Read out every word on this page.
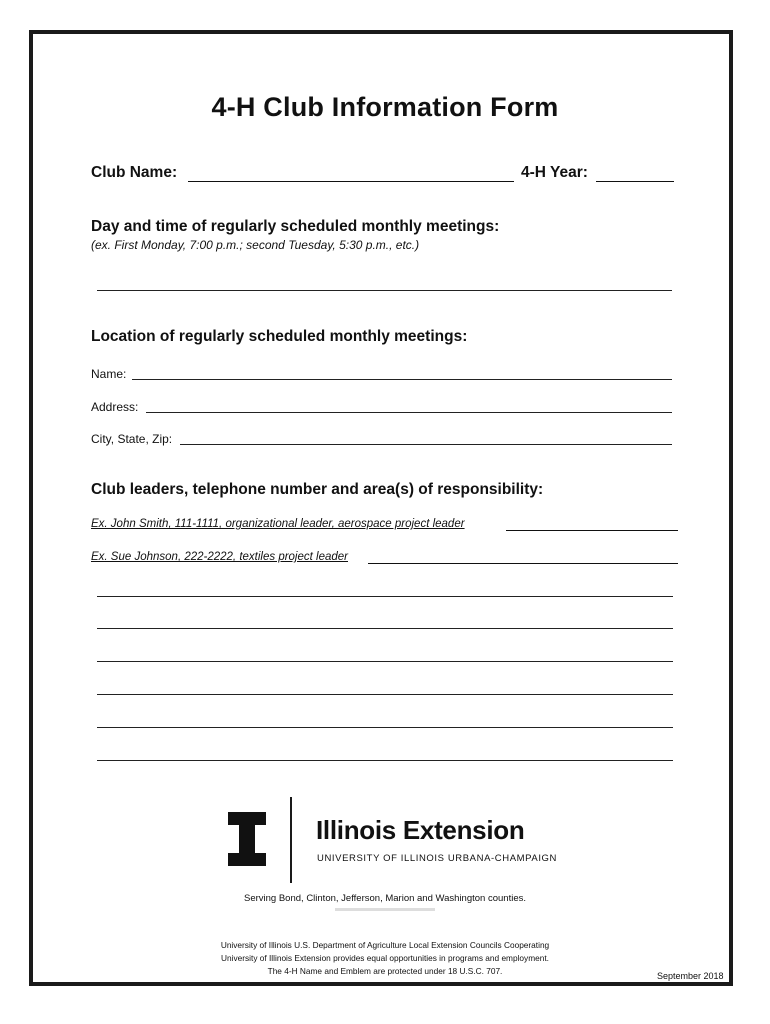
4-H Club Information Form
Club Name:	4-H Year:
Day and time of regularly scheduled monthly meetings:
(ex. First Monday, 7:00 p.m.; second Tuesday, 5:30 p.m., etc.)
Location of regularly scheduled monthly meetings:
Name:
Address:
City, State, Zip:
Club leaders, telephone number and area(s) of responsibility:
Ex. John Smith, 111-1111, organizational leader, aerospace project leader
Ex. Sue Johnson, 222-2222, textiles project leader
Illinois Extension
UNIVERSITY OF ILLINOIS URBANA-CHAMPAIGN
Serving Bond, Clinton, Jefferson, Marion and Washington counties.
University of Illinois U.S. Department of Agriculture Local Extension Councils Cooperating
University of Illinois Extension provides equal opportunities in programs and employment.
The 4-H Name and Emblem are protected under 18 U.S.C. 707.	September 2018
